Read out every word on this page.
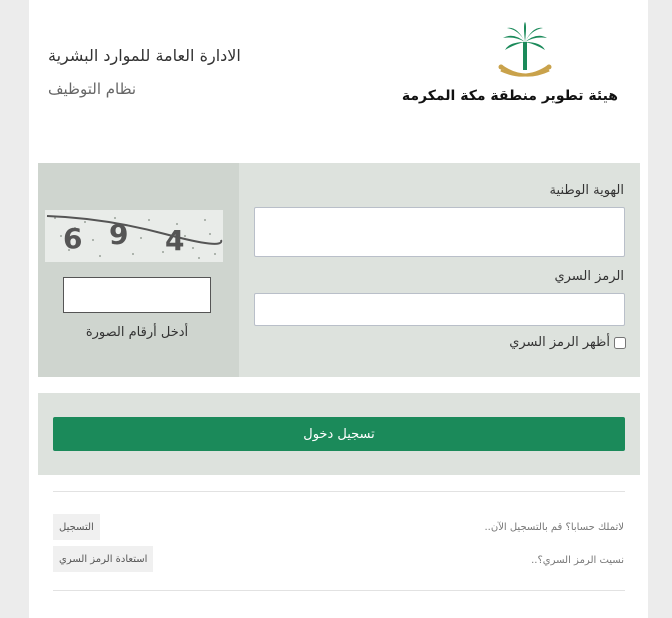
الادارة العامة للموارد البشرية
نظام التوظيف	هيئة تطوير منطقة مكة المكرمة
6 9 4
أدخل أرقام الصورة
الهوية الوطنية
الرمز السري
أظهر الرمز السري
تسجيل دخول
لاتملك حسابا؟ قم بالتسجيل الآن..
التسجيل
نسيت الرمز السري؟..
استعادة الرمز السري
